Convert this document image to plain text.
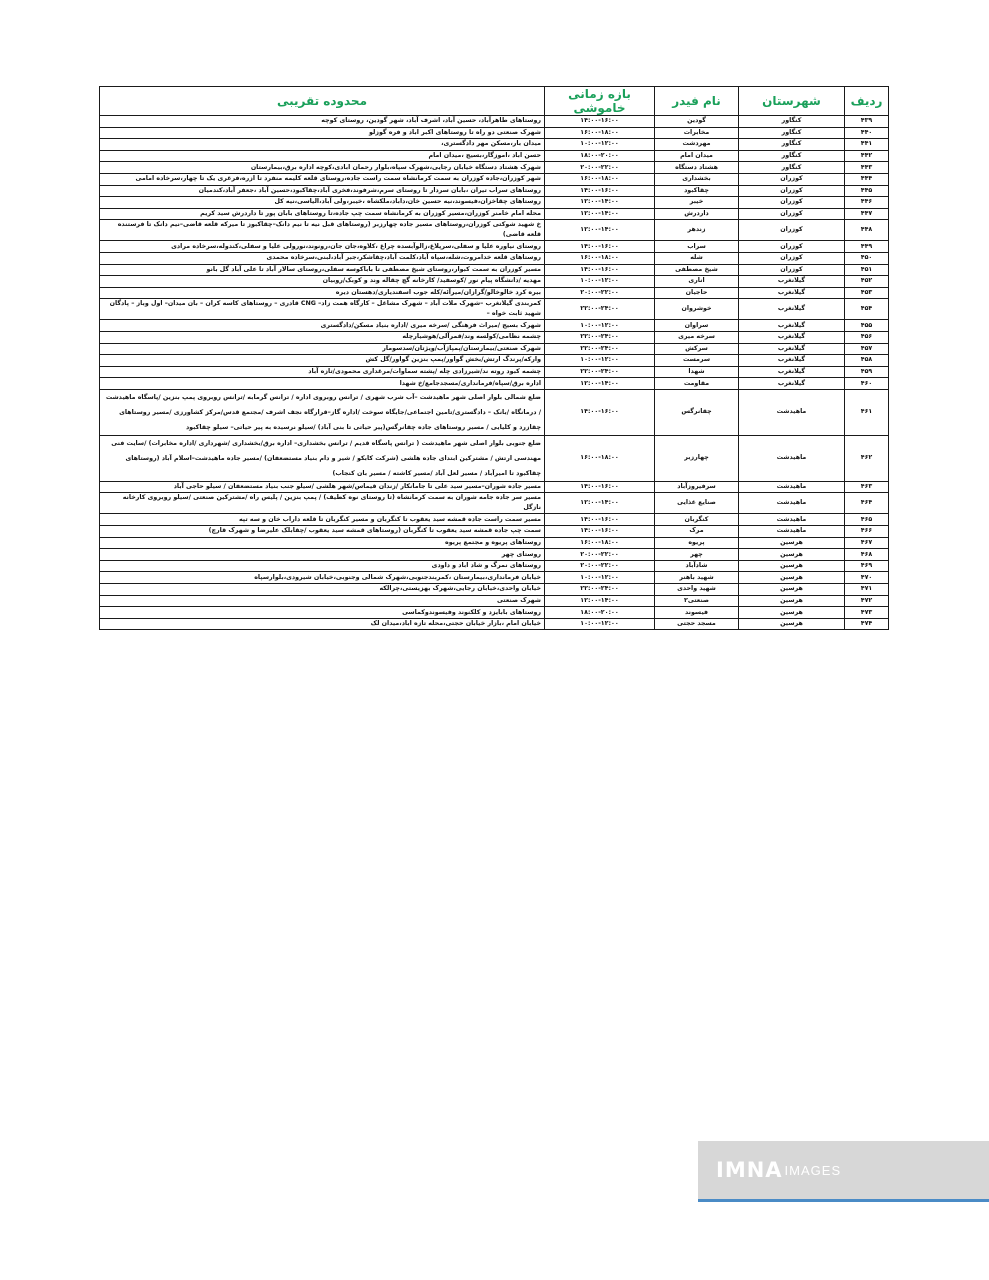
ردیف	شهرستان	نام فیدر	بازه زمانی خاموشی	محدوده تقریبی
۴۳۹	کنگاور	گودین	۱۴:۰۰-۱۶:۰۰	روستاهای طاهرآباد، حسین آباد، اشرف آباد، شهر گودین، روستای کوچه
۴۴۰	کنگاور	مخابرات	۱۶:۰۰-۱۸:۰۰	شهرک صنعتی دو راه تا روستاهای اکبر اباد و فره گوزلو
۴۴۱	کنگاور	مهردشت	۱۰:۰۰-۱۲:۰۰	میدان بار،مسکن مهر دادگستری،
۴۴۲	کنگاور	میدان امام	۱۸:۰۰-۲۰:۰۰	حسن اباد ،اموزگار،بسیج ،میدان امام
۴۴۳	کنگاور	هشتاد دستگاه	۲۰:۰۰-۲۲:۰۰	شهرک هشتاد دستگاه خیابان رجایی،شهرک سپاه،بلوار رحمان ابادی،کوچه اداره برق،بیمارستان
۴۴۴	کوزران	بخشداری	۱۶:۰۰-۱۸:۰۰	شهر کوزران،جاده کوزران به سمت کرمانشاه سمت راست جاده،روستای قلعه کلیمه منفرد تا ازره،فرغری یک تا چهار،سرخاده امامی
۴۴۵	کوزران	چقاکبود	۱۴:۰۰-۱۶:۰۰	روستاهای سراب تیران ،بابان سردار تا روستای سرم،شرفوند،فخری آباد،چقاکبود،حسین آباد ،جعفر آباد،کندمیان
۴۴۶	کوزران	خیبر	۱۲:۰۰-۱۴:۰۰	روستاهای چقاخزان،فیسوند،نیه حسین خان،داباد،ملکشاه ،خیبر،ولی آباد،الیاسی،نیه کل
۴۴۷	کوزران	داردرش	۱۲:۰۰-۱۴:۰۰	محله امام خامنر کوزران،مسیر کوزران به کرمانشاه سمت چپ جاده،تا روستاهای بابان پور تا داردرش سید کریم
۴۴۸	کوزران	زندهر	۱۲:۰۰-۱۴:۰۰	خ شهید شوکتی کوزران،روستاهای مسیر جاده چهارزبر (روستاهای قبل نیه تا نیم دانک–چقاکبوز تا میرکه قلعه قاضی–نیم دانک تا فرستنده قلعه قاضی)
۴۴۹	کوزران	سراب	۱۴:۰۰-۱۶:۰۰	روستای نیاوره علیا و سفلی،سرپلاغ،زالوآبسده چراغ ،کلاوه،جان جان،رونوند،نورولی علیا و سفلی،کندوله،سرخاده مرادی
۴۵۰	کوزران	شله	۱۶:۰۰-۱۸:۰۰	روستاهای قلعه خدامروت،شله،سپاه آباد،کلمت آباد،چقاشکر،جبر آباد،لبنی،سرخاده محمدی
۴۵۱	کوزران	شیخ مصطفی	۱۴:۰۰-۱۶:۰۰	مسیر کوزران به سمت کبوار،روستای شیخ مصطفی تا باباکوسه سفلی،روستای سالار آباد تا علی آباد گل بانو
۴۵۲	گیلانغرب	اناری	۱۰:۰۰-۱۲:۰۰	مهدیه /دانشگاه پیام نور /کوسفید/ کارخانه گچ چقاله وند و کوبک/روبیان
۴۵۳	گیلانغرب	حاجیان	۲۰:۰۰-۲۲:۰۰	بیره کرد خالوخالو/گرازان/میرآئه/کله جوب اسفندیاری/دهستان دیره
۴۵۴	گیلانغرب	خوشروان	۲۲:۰۰-۲۴:۰۰	کمربندی گیلانغرب –شهرک ملات آباد – شهرک مشاغل – کارگاه همت زاد– CNG قادری – روستاهای کاسه کران – بان میدان– اول وباز – پادگان شهید ثابت خواه –
۴۵۵	گیلانغرب	سراوان	۱۰:۰۰-۱۲:۰۰	شهرک بسیج /میراث فرهنگی /سرخه میری /اداره بنیاد مسکن/دادگستری
۴۵۶	گیلانغرب	سرخه میری	۲۲:۰۰-۲۴:۰۰	چشمه نظامی/کولسه وند/قمرآلی/هوشیارچله
۴۵۷	گیلانغرب	سرکش	۲۲:۰۰-۲۴:۰۰	شهرک صنعتی/بیمارستان/پمپاژآب/ویژتان/سدسومار
۴۵۸	گیلانغرب	سرمست	۱۰:۰۰-۱۲:۰۰	وارکه/پرندگ ارتش/بخش گواور/پمپ بنزین گواور/گل کش
۴۵۹	گیلانغرب	شهدا	۲۲:۰۰-۲۴:۰۰	چشمه کبود روته ند/شیرزادی چله /پشته سماوات/مرغداری محمودی/تازه آباد
۴۶۰	گیلانغرب	مقاومت	۱۲:۰۰-۱۴:۰۰	اداره برق/سپاه/فرمانداری/مسجدجامع/خ شهدا
۴۶۱	ماهیدشت	چقانرگس	۱۴:۰۰-۱۶:۰۰	ضلع شمالی بلوار اصلی شهر ماهیدشت –آب شرب شهری / ترانس روبروی اداره / ترانس گرمابه /ترانس روبروی پمپ بنزین /پاسگاه ماهیدشت / درمانگاه /بانک – دادگستری/تامین اجتماعی/جایگاه سوخت /اداره گاز–قرارگاه نجف اشرف /مجتمع قدس/مرکز کشاورزی /مسیر روستاهای چقازرد و کلیایی / مسیر روستاهای جاده چقانرگس(پیر حیاتی تا بنی آباد) /سیلو نرسیده به پیر حیاتی– سیلو چقاکبود
۴۶۲	ماهیدشت	چهارزبر	۱۶:۰۰-۱۸:۰۰	ضلع جنوبی بلوار اصلی شهر ماهیدشت ( ترانس پاسگاه قدیم / ترانس بخشداری– اداره برق/بخشداری /شهرداری /اداره مخابرات) /سایت فنی مهندسی ارتش / مشترکین ابتدای جاده هلشی (شرکت کابکو / شیر و دام بنیاد مستضعفان) /مسیر جاده ماهیدشت–اسلام آباد (روستاهای چقاکبود تا امیرآباد / مسیر لعل آباد /مسیر کاشته / مسیر بان کنجاب)
۴۶۳	ماهیدشت	سرفیروزآباد	۱۴:۰۰-۱۶:۰۰	مسیر جاده شوران–مسیر سید علی تا جامانکار /زندان قیماس/شهر هلشی /سیلو جنب بنیاد مستضعفان / سیلو حاجی آباد
۴۶۴	ماهیدشت	صنایع غذایی	۱۲:۰۰-۱۴:۰۰	مسیر سر جاده جامه شوران به سمت کرمانشاه (تا روستای نوه کطیف) / پمپ بنزین / پلیس راه /مشترکین صنعتی /سیلو روبروی کارخانه نازگل
۴۶۵	ماهیدشت	کنگربان	۱۴:۰۰-۱۶:۰۰	مسیر سمت راست جاده قمشه سید یعقوب تا کنگربان و مسیر کنگربان تا قلعه داراب خان و سه تپه
۴۶۶	ماهیدشت	مرک	۱۴:۰۰-۱۶:۰۰	سمت چپ جاده قمشه سید یعقوب تا کنگربان (روستاهای قمشه سید یعقوب /چقابلک علیرضا و شهرک قارچ)
۴۶۷	هرسین	پریوه	۱۶:۰۰-۱۸:۰۰	روستاهای پریوه و مجتمع پریوه
۴۶۸	هرسین	چهر	۲۰:۰۰-۲۲:۰۰	روستای چهر
۴۶۹	هرسین	شادآباد	۲۰:۰۰-۲۲:۰۰	روستاهای نمرگ و شاد اباد و داودی
۴۷۰	هرسین	شهید باهنر	۱۰:۰۰-۱۲:۰۰	خیابان فرمانداری،بیمارستان ،کمربندجنوبی،شهرک شمالی وجنوبی،خیابان شیرودی،بلوارسپاه
۴۷۱	هرسین	شهید واحدی	۲۲:۰۰-۲۴:۰۰	خیابان واحدی،خیابان رجایی،شهرک بهزیستی،چرالکه
۴۷۲	هرسین	صنعتی۲	۱۲:۰۰-۱۴:۰۰	شهرک صنعتی
۴۷۳	هرسین	فیسوند	۱۸:۰۰-۲۰:۰۰	روستاهای بابایزد و کلکنوند وفیسوندوکماسی
۴۷۴	هرسین	مسجد حجتی	۱۰:۰۰-۱۲:۰۰	خیابان امام ،بازار خیابان حجتی،محله تازه اباد،میدان لک
IMNA IMAGES
